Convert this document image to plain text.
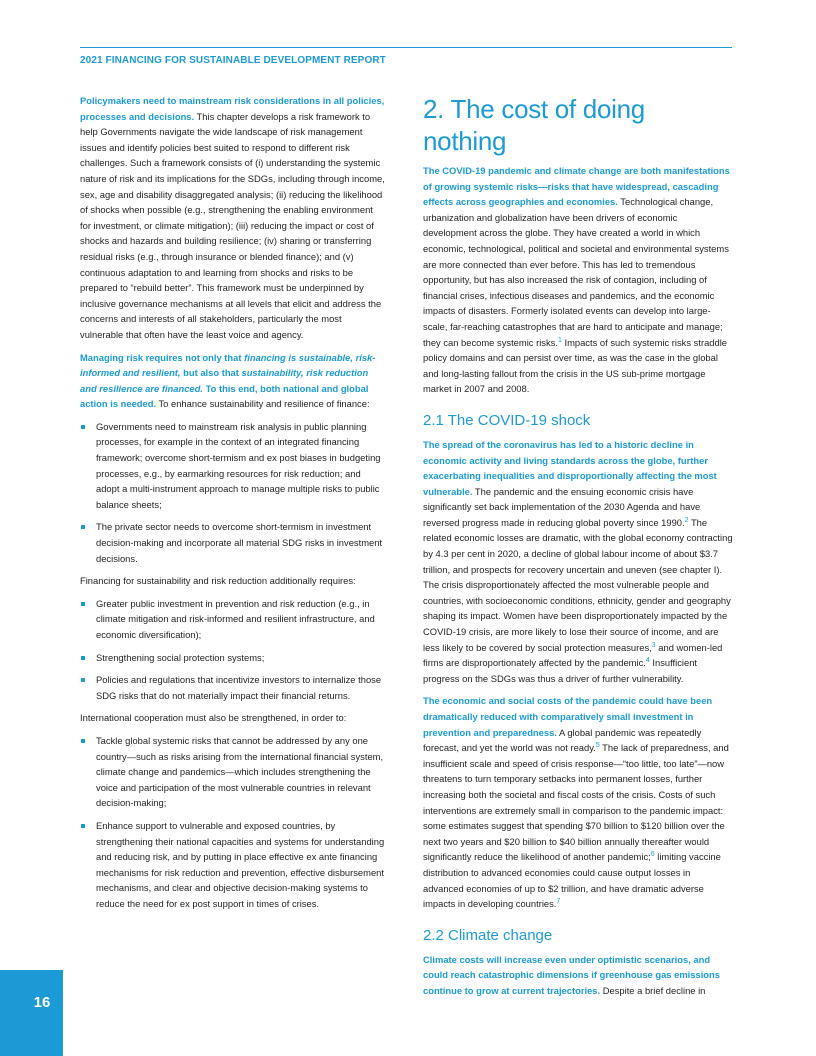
2021 FINANCING FOR SUSTAINABLE DEVELOPMENT REPORT

Policymakers need to mainstream risk considerations in all policies, processes and decisions. This chapter develops a risk framework to help Governments navigate the wide landscape of risk management issues and identify policies best suited to respond to different risk challenges. Such a framework consists of (i) understanding the systemic nature of risk and its implications for the SDGs, including through income, sex, age and disability disaggregated analysis; (ii) reducing the likelihood of shocks when possible (e.g., strengthening the enabling environment for investment, or climate mitigation); (iii) reducing the impact or cost of shocks and hazards and building resilience; (iv) sharing or transferring residual risks (e.g., through insurance or blended finance); and (v) continuous adaptation to and learning from shocks and risks to be prepared to “rebuild better”. This framework must be underpinned by inclusive governance mechanisms at all levels that elicit and address the concerns and interests of all stakeholders, particularly the most vulnerable that often have the least voice and agency.

Managing risk requires not only that financing is sustainable, risk-informed and resilient, but also that sustainability, risk reduction and resilience are financed. To this end, both national and global action is needed. To enhance sustainability and resilience of finance:

Governments need to mainstream risk analysis in public planning processes, for example in the context of an integrated financing framework; overcome short-termism and ex post biases in budgeting processes, e.g., by earmarking resources for risk reduction; and adopt a multi-instrument approach to manage multiple risks to public balance sheets;
The private sector needs to overcome short-termism in investment decision-making and incorporate all material SDG risks in investment decisions.

Financing for sustainability and risk reduction additionally requires:

Greater public investment in prevention and risk reduction (e.g., in climate mitigation and risk-informed and resilient infrastructure, and economic diversification);
Strengthening social protection systems;
Policies and regulations that incentivize investors to internalize those SDG risks that do not materially impact their financial returns.

International cooperation must also be strengthened, in order to:

Tackle global systemic risks that cannot be addressed by any one country—such as risks arising from the international financial system, climate change and pandemics—which includes strengthening the voice and participation of the most vulnerable countries in relevant decision-making;
Enhance support to vulnerable and exposed countries, by strengthening their national capacities and systems for understanding and reducing risk, and by putting in place effective ex ante financing mechanisms for risk reduction and prevention, effective disbursement mechanisms, and clear and objective decision-making systems to reduce the need for ex post support in times of crises.
2. The cost of doing nothing

The COVID-19 pandemic and climate change are both manifestations of growing systemic risks—risks that have widespread, cascading effects across geographies and economies. Technological change, urbanization and globalization have been drivers of economic development across the globe. They have created a world in which economic, technological, political and societal and environmental systems are more connected than ever before. This has led to tremendous opportunity, but has also increased the risk of contagion, including of financial crises, infectious diseases and pandemics, and the economic impacts of disasters. Formerly isolated events can develop into large-scale, far-reaching catastrophes that are hard to anticipate and manage; they can become systemic risks.$^1$ Impacts of such systemic risks straddle policy domains and can persist over time, as was the case in the global and long-lasting fallout from the crisis in the US sub-prime mortgage market in 2007 and 2008.

2.1 The COVID-19 shock

The spread of the coronavirus has led to a historic decline in economic activity and living standards across the globe, further exacerbating inequalities and disproportionally affecting the most vulnerable. The pandemic and the ensuing economic crisis have significantly set back implementation of the 2030 Agenda and have reversed progress made in reducing global poverty since 1990.$^2$ The related economic losses are dramatic, with the global economy contracting by 4.3 per cent in 2020, a decline of global labour income of about $3.7 trillion, and prospects for recovery uncertain and uneven (see chapter I). The crisis disproportionately affected the most vulnerable people and countries, with socioeconomic conditions, ethnicity, gender and geography shaping its impact. Women have been disproportionately impacted by the COVID-19 crisis, are more likely to lose their source of income, and are less likely to be covered by social protection measures,$^3$ and women-led firms are disproportionately affected by the pandemic.$^4$ Insufficient progress on the SDGs was thus a driver of further vulnerability.

The economic and social costs of the pandemic could have been dramatically reduced with comparatively small investment in prevention and preparedness. A global pandemic was repeatedly forecast, and yet the world was not ready.$^5$ The lack of preparedness, and insufficient scale and speed of crisis response—“too little, too late”—now threatens to turn temporary setbacks into permanent losses, further increasing both the societal and fiscal costs of the crisis. Costs of such interventions are extremely small in comparison to the pandemic impact: some estimates suggest that spending $70 billion to $120 billion over the next two years and $20 billion to $40 billion annually thereafter would significantly reduce the likelihood of another pandemic;$^6$ limiting vaccine distribution to advanced economies could cause output losses in advanced economies of up to $2 trillion, and have dramatic adverse impacts in developing countries.$^7$

2.2 Climate change

Climate costs will increase even under optimistic scenarios, and could reach catastrophic dimensions if greenhouse gas emissions continue to grow at current trajectories. Despite a brief decline in

16
